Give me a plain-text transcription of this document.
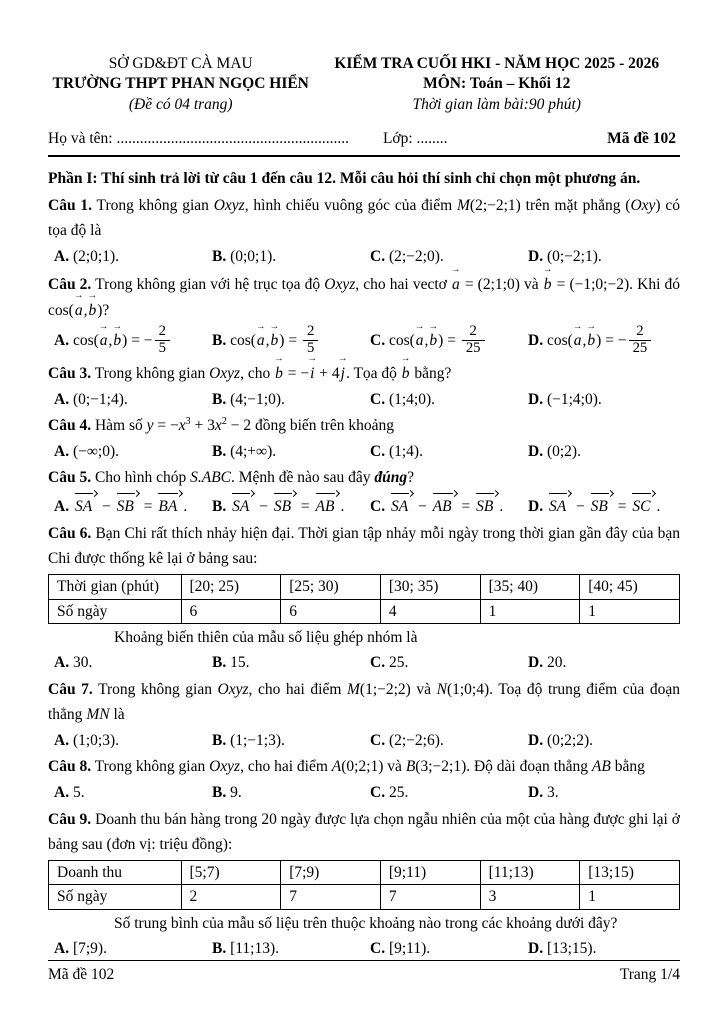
SỞ GD&ĐT CÀ MAU
TRƯỜNG THPT PHAN NGỌC HIỂN
(Đề có 04 trang)
KIỂM TRA CUỐI HKI - NĂM HỌC 2025 - 2026
MÔN: Toán – Khối 12
Thời gian làm bài:90 phút)
Họ và tên: ............................................................	Lớp: ........	Mã đề 102
Phần I: Thí sinh trả lời từ câu 1 đến câu 12. Mỗi câu hỏi thí sinh chỉ chọn một phương án.

Câu 1. Trong không gian Oxyz, hình chiếu vuông góc của điểm M(2;−2;1) trên mặt phẳng (Oxy) có tọa độ là

A. (2;0;1).	B. (0;0;1).	C. (2;−2;0).	D. (0;−2;1).

Câu 2. Trong không gian với hệ trục tọa độ Oxyz, cho hai vectơ → a = (2;1;0) và → b = (−1;0;−2). Khi đó cos(→ a,→ b)?

A. cos(→ a,→ b) = − $\frac{2}{5}$	B. $\cos(\to a,\to b) = \frac{2}{5}$	C. $\cos(\to a,\to b) = \frac{2}{25}$	D. cos(→ a,→ b) = − $\frac{2}{25}$

Câu 3. Trong không gian Oxyz, cho → b = −→ i + 4→ j. Tọa độ → b bằng?

A. (0;−1;4).	B. (4;−1;0).	C. (1;4;0).	D. (−1;4;0).

Câu 4. Hàm số $y = -x^3 + 3x^2 - 2$ đồng biến trên khoảng

A. (−∞;0).	B. (4;+∞).	C. (1;4).	D. (0;2).

Câu 5. Cho hình chóp S.ABC. Mệnh đề nào sau đây đúng?

A. SA − SB = BA .	B. SA − SB = AB .	C. SA − AB = SB .	D. SA − SB = SC .

Câu 6. Bạn Chi rất thích nhảy hiện đại. Thời gian tập nhảy mỗi ngày trong thời gian gần đây của bạn Chi được thống kê lại ở bảng sau:

Thời gian (phút)	[20; 25)	[25; 30)	[30; 35)	[35; 40)	[40; 45)
Số ngày	6	6	4	1	1
Khoảng biến thiên của mẫu số liệu ghép nhóm là
A. 30.	B. 15.	C. 25.	D. 20.

Câu 7. Trong không gian Oxyz, cho hai điểm M(1;−2;2) và N(1;0;4). Toạ độ trung điểm của đoạn thẳng MN là

A. (1;0;3).	B. (1;−1;3).	C. (2;−2;6).	D. (0;2;2).

Câu 8. Trong không gian Oxyz, cho hai điểm A(0;2;1) và B(3;−2;1). Độ dài đoạn thẳng AB bằng

A. 5.	B. 9.	C. 25.	D. 3.

Câu 9. Doanh thu bán hàng trong 20 ngày được lựa chọn ngẫu nhiên của một của hàng được ghi lại ở bảng sau (đơn vị: triệu đồng):

Doanh thu	[5;7)	[7;9)	[9;11)	[11;13)	[13;15)
Số ngày	2	7	7	3	1
Số trung bình của mẫu số liệu trên thuộc khoảng nào trong các khoảng dưới đây?
A. [7;9).	B. [11;13).	C. [9;11).	D. [13;15).
Mã đề 102	Trang 1/4
